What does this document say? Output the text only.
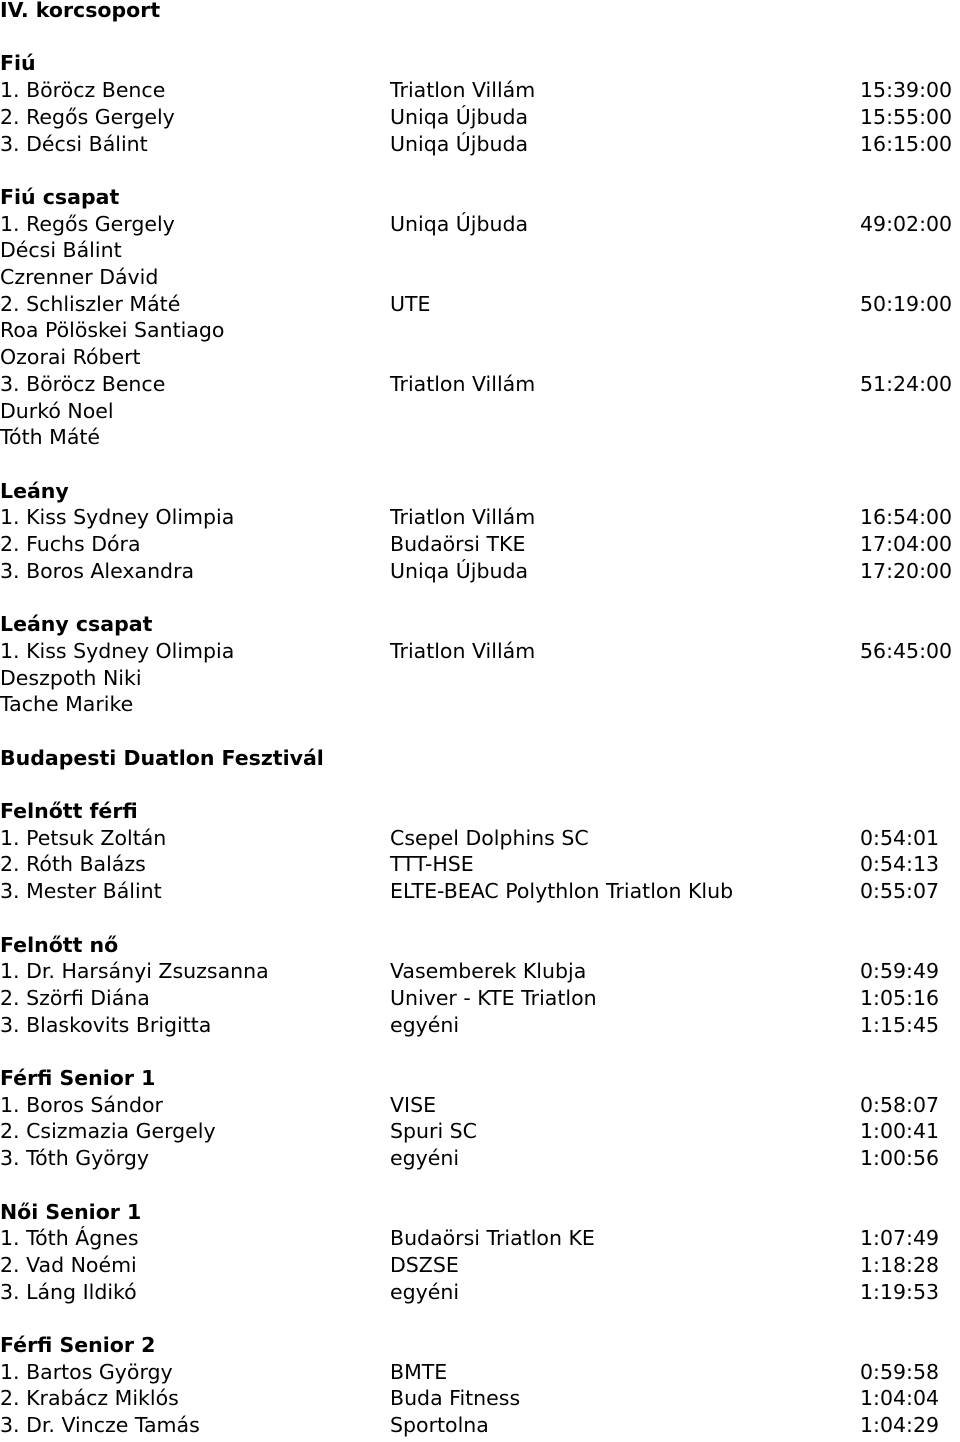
IV. korcsoport
Fiú
1. Böröcz Bence	Triatlon Villám	15:39:00
2. Regős Gergely	Uniqa Újbuda	15:55:00
3. Décsi Bálint	Uniqa Újbuda	16:15:00
Fiú csapat
1. Regős Gergely	Uniqa Újbuda	49:02:00
Décsi Bálint
Czrenner Dávid
2. Schliszler Máté	UTE	50:19:00
Roa Pölöskei Santiago
Ozorai Róbert
3. Böröcz Bence	Triatlon Villám	51:24:00
Durkó Noel
Tóth Máté
Leány
1. Kiss Sydney Olimpia	Triatlon Villám	16:54:00
2. Fuchs Dóra	Budaörsi TKE	17:04:00
3. Boros Alexandra	Uniqa Újbuda	17:20:00
Leány csapat
1. Kiss Sydney Olimpia	Triatlon Villám	56:45:00
Deszpoth Niki
Tache Marike
Budapesti Duatlon Fesztivál
Felnőtt férfi
1. Petsuk Zoltán	Csepel Dolphins SC	0:54:01
2. Róth Balázs	TTT-HSE	0:54:13
3. Mester Bálint	ELTE-BEAC Polythlon Triatlon Klub	0:55:07
Felnőtt nő
1. Dr. Harsányi Zsuzsanna	Vasemberek Klubja	0:59:49
2. Szörfi Diána	Univer - KTE Triatlon	1:05:16
3. Blaskovits Brigitta	egyéni	1:15:45
Férfi Senior 1
1. Boros Sándor	VISE	0:58:07
2. Csizmazia Gergely	Spuri SC	1:00:41
3. Tóth György	egyéni	1:00:56
Női Senior 1
1. Tóth Ágnes	Budaörsi Triatlon KE	1:07:49
2. Vad Noémi	DSZSE	1:18:28
3. Láng Ildikó	egyéni	1:19:53
Férfi Senior 2
1. Bartos György	BMTE	0:59:58
2. Krabácz Miklós	Buda Fitness	1:04:04
3. Dr. Vincze Tamás	Sportolna	1:04:29
